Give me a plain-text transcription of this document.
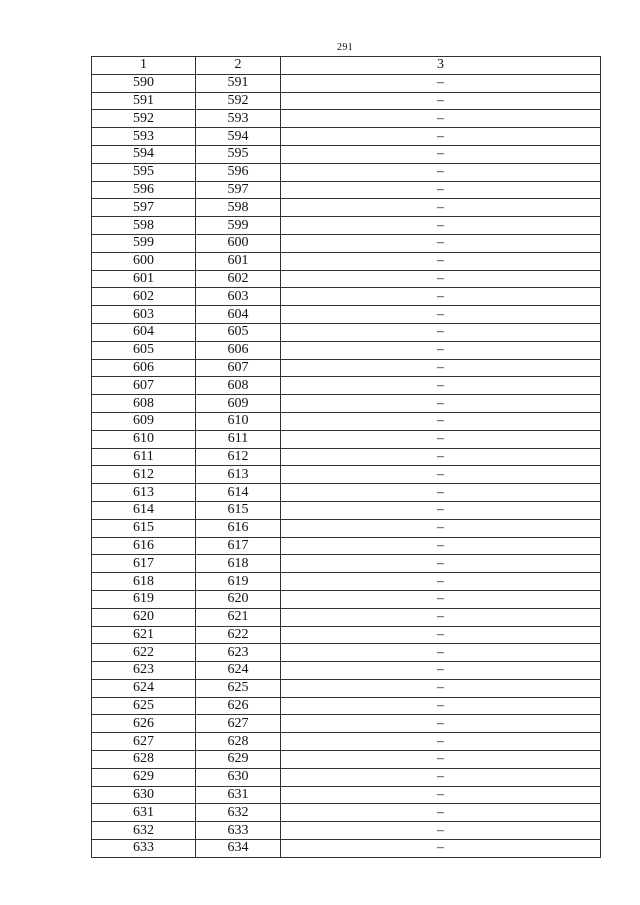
291
1	2	3
590	591	–
591	592	–
592	593	–
593	594	–
594	595	–
595	596	–
596	597	–
597	598	–
598	599	–
599	600	–
600	601	–
601	602	–
602	603	–
603	604	–
604	605	–
605	606	–
606	607	–
607	608	–
608	609	–
609	610	–
610	611	–
611	612	–
612	613	–
613	614	–
614	615	–
615	616	–
616	617	–
617	618	–
618	619	–
619	620	–
620	621	–
621	622	–
622	623	–
623	624	–
624	625	–
625	626	–
626	627	–
627	628	–
628	629	–
629	630	–
630	631	–
631	632	–
632	633	–
633	634	–
